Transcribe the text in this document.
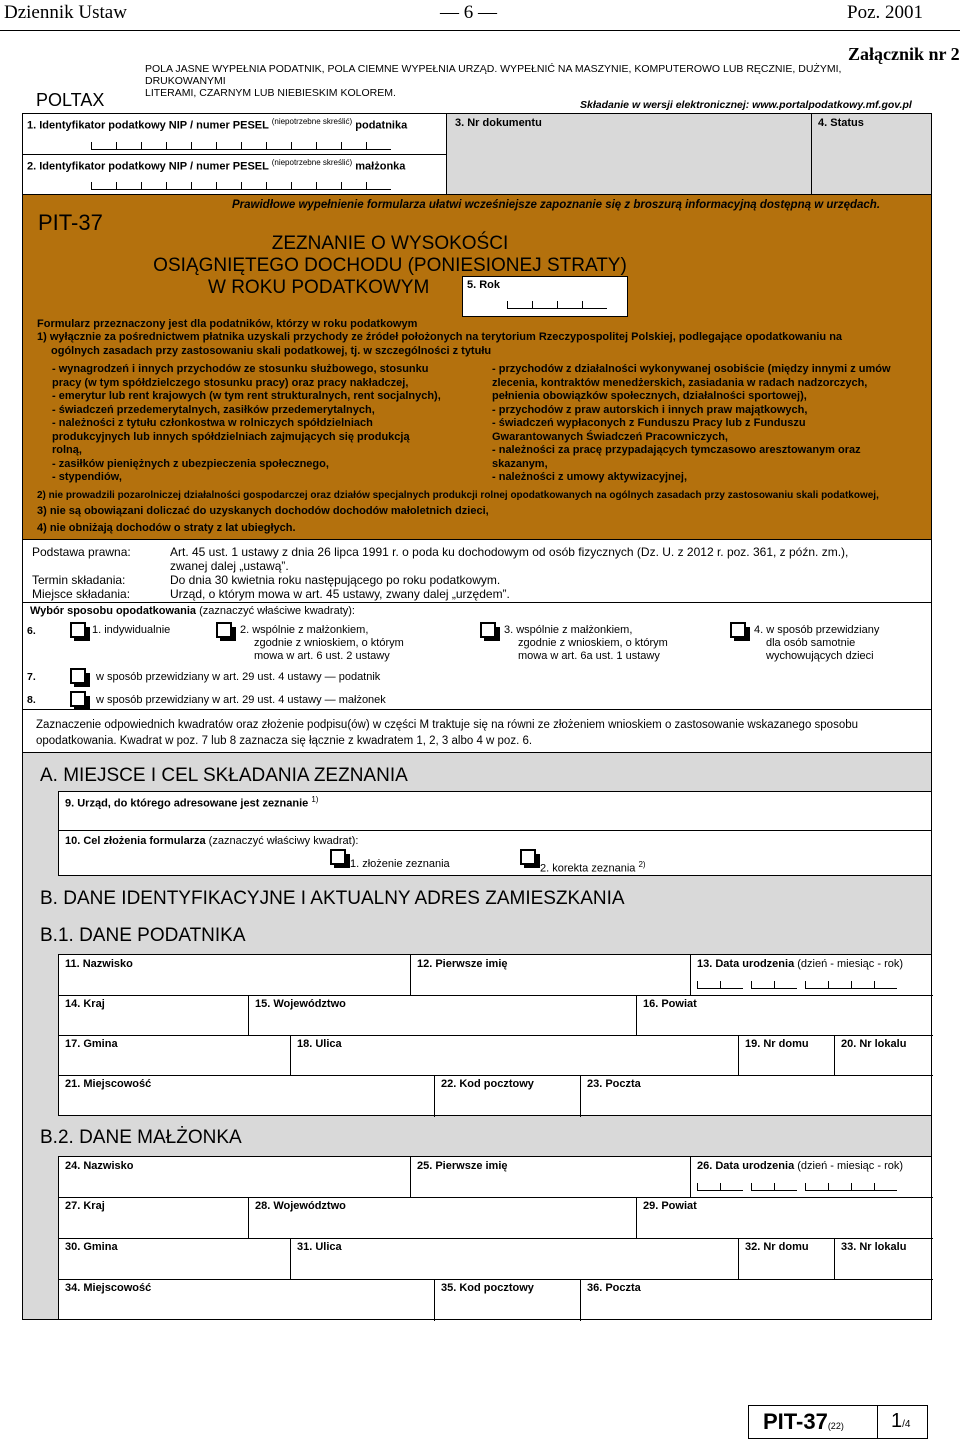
Dziennik Ustaw	— 6 —	Poz. 2001
Załącznik nr 2
POLTAX
POLA JASNE WYPEŁNIA PODATNIK, POLA CIEMNE WYPEŁNIA URZĄD. WYPEŁNIĆ NA MASZYNIE, KOMPUTEROWO LUB RĘCZNIE, DUŻYMI, DRUKOWANYMI
LITERAMI, CZARNYM LUB NIEBIESKIM KOLOREM.
Składanie w wersji elektronicznej: www.portalpodatkowy.mf.gov.pl
1. Identyfikator podatkowy NIP / numer PESEL $^{(niepotrzebne skreślić)}$ podatnika	3. Nr dokumentu	4. Status
2. Identyfikator podatkowy NIP / numer PESEL $^{(niepotrzebne skreślić)}$ małżonka
PIT-37
Prawidłowe wypełnienie formularza ułatwi wcześniejsze zapoznanie się z broszurą informacyjną dostępną w urzędach.
ZEZNANIE O WYSOKOŚCI
OSIĄGNIĘTEGO DOCHODU (PONIESIONEJ STRATY)
W ROKU PODATKOWYM	5. Rok
Formularz przeznaczony jest dla podatników, którzy w roku podatkowym
1) wyłącznie za pośrednictwem płatnika uzyskali przychody ze źródeł położonych na terytorium Rzeczypospolitej Polskiej, podlegające opodatkowaniu na
ogólnych zasadach przy zastosowaniu skali podatkowej, tj. w szczególności z tytułu
- wynagrodzeń i innych przychodów ze stosunku służbowego, stosunku
pracy (w tym spółdzielczego stosunku pracy) oraz pracy nakładczej,
- emerytur lub rent krajowych (w tym rent strukturalnych, rent socjalnych),
- świadczeń przedemerytalnych, zasiłków przedemerytalnych,
- należności z tytułu członkostwa w rolniczych spółdzielniach
produkcyjnych lub innych spółdzielniach zajmujących się produkcją
rolną,
- zasiłków pieniężnych z ubezpieczenia społecznego,
- stypendiów,
- przychodów z działalności wykonywanej osobiście (między innymi z umów
zlecenia, kontraktów menedżerskich, zasiadania w radach nadzorczych,
pełnienia obowiązków społecznych, działalności sportowej),
- przychodów z praw autorskich i innych praw majątkowych,
- świadczeń wypłaconych z Funduszu Pracy lub z Funduszu
Gwarantowanych Świadczeń Pracowniczych,
- należności za pracę przypadających tymczasowo aresztowanym oraz skazanym,
- należności z umowy aktywizacyjnej,
2) nie prowadzili pozarolniczej działalności gospodarczej oraz działów specjalnych produkcji rolnej opodatkowanych na ogólnych zasadach przy zastosowaniu skali podatkowej,
3) nie są obowiązani doliczać do uzyskanych dochodów dochodów małoletnich dzieci,
4) nie obniżają dochodów o straty z lat ubiegłych.
Podstawa prawna:	Art. 45 ust. 1 ustawy z dnia 26 lipca 1991 r. o poda ku dochodowym od osób fizycznych (Dz. U. z 2012 r. poz. 361, z późn. zm.),
zwanej dalej „ustawą”.
Termin składania:	Do dnia 30 kwietnia roku następującego po roku podatkowym.
Miejsce składania:	Urząd, o którym mowa w art. 45 ustawy, zwany dalej „urzędem”.
Wybór sposobu opodatkowania (zaznaczyć właściwe kwadraty):
6.	1. indywidualnie	2. wspólnie z małżonkiem,
zgodnie z wnioskiem, o którym
mowa w art. 6 ust. 2 ustawy
3. wspólnie z małżonkiem,
zgodnie z wnioskiem, o którym
mowa w art. 6a ust. 1 ustawy
4. w sposób przewidziany
dla osób samotnie
wychowujących dzieci
7.	w sposób przewidziany w art. 29 ust. 4 ustawy — podatnik
8.	w sposób przewidziany w art. 29 ust. 4 ustawy — małżonek
Zaznaczenie odpowiednich kwadratów oraz złożenie podpisu(ów) w części M traktuje się na równi ze złożeniem wnioskiem o zastosowanie wskazanego sposobu
opodatkowania. Kwadrat w poz. 7 lub 8 zaznacza się łącznie z kwadratem 1, 2, 3 albo 4 w poz. 6.
A. MIEJSCE I CEL SKŁADANIA ZEZNANIA
9. Urząd, do którego adresowane jest zeznanie $^{1)}$
10. Cel złożenia formularza (zaznaczyć właściwy kwadrat):
1. złożenie zeznania	2. korekta zeznania $^{2)}$
B. DANE IDENTYFIKACYJNE I AKTUALNY ADRES ZAMIESZKANIA
B.1. DANE PODATNIKA
11. Nazwisko	12. Pierwsze imię	13. Data urodzenia (dzień - miesiąc - rok)
14. Kraj	15. Województwo	16. Powiat
17. Gmina	18. Ulica	19. Nr domu	20. Nr lokalu
21. Miejscowość	22. Kod pocztowy	23. Poczta
B.2. DANE MAŁŻONKA
24. Nazwisko	25. Pierwsze imię	26. Data urodzenia (dzień - miesiąc - rok)
27. Kraj	28. Województwo	29. Powiat
30. Gmina	31. Ulica	32. Nr domu	33. Nr lokalu
34. Miejscowość	35. Kod pocztowy	36. Poczta
PIT-37(22) 1/4
